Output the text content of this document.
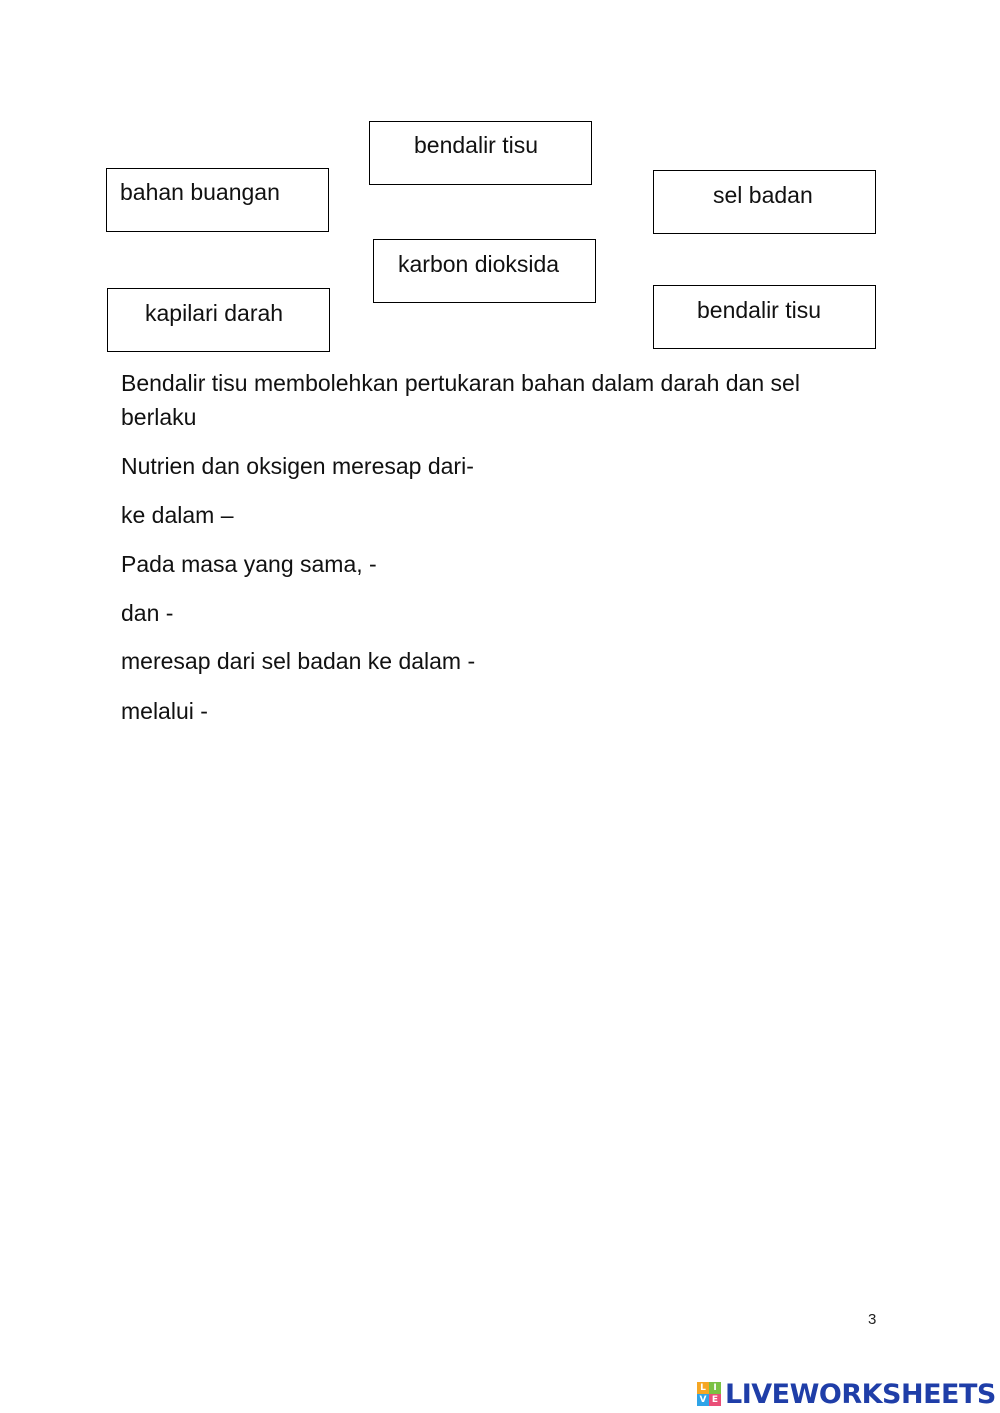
bendalir tisu
bahan buangan	sel badan
karbon dioksida
kapilari darah	bendalir tisu
Bendalir tisu membolehkan pertukaran bahan dalam darah dan sel berlaku
Nutrien dan oksigen meresap dari-
ke dalam –
Pada masa yang sama, -
dan -
meresap dari sel badan ke dalam -
melalui -
3
L I
V E LIVEWORKSHEETS
